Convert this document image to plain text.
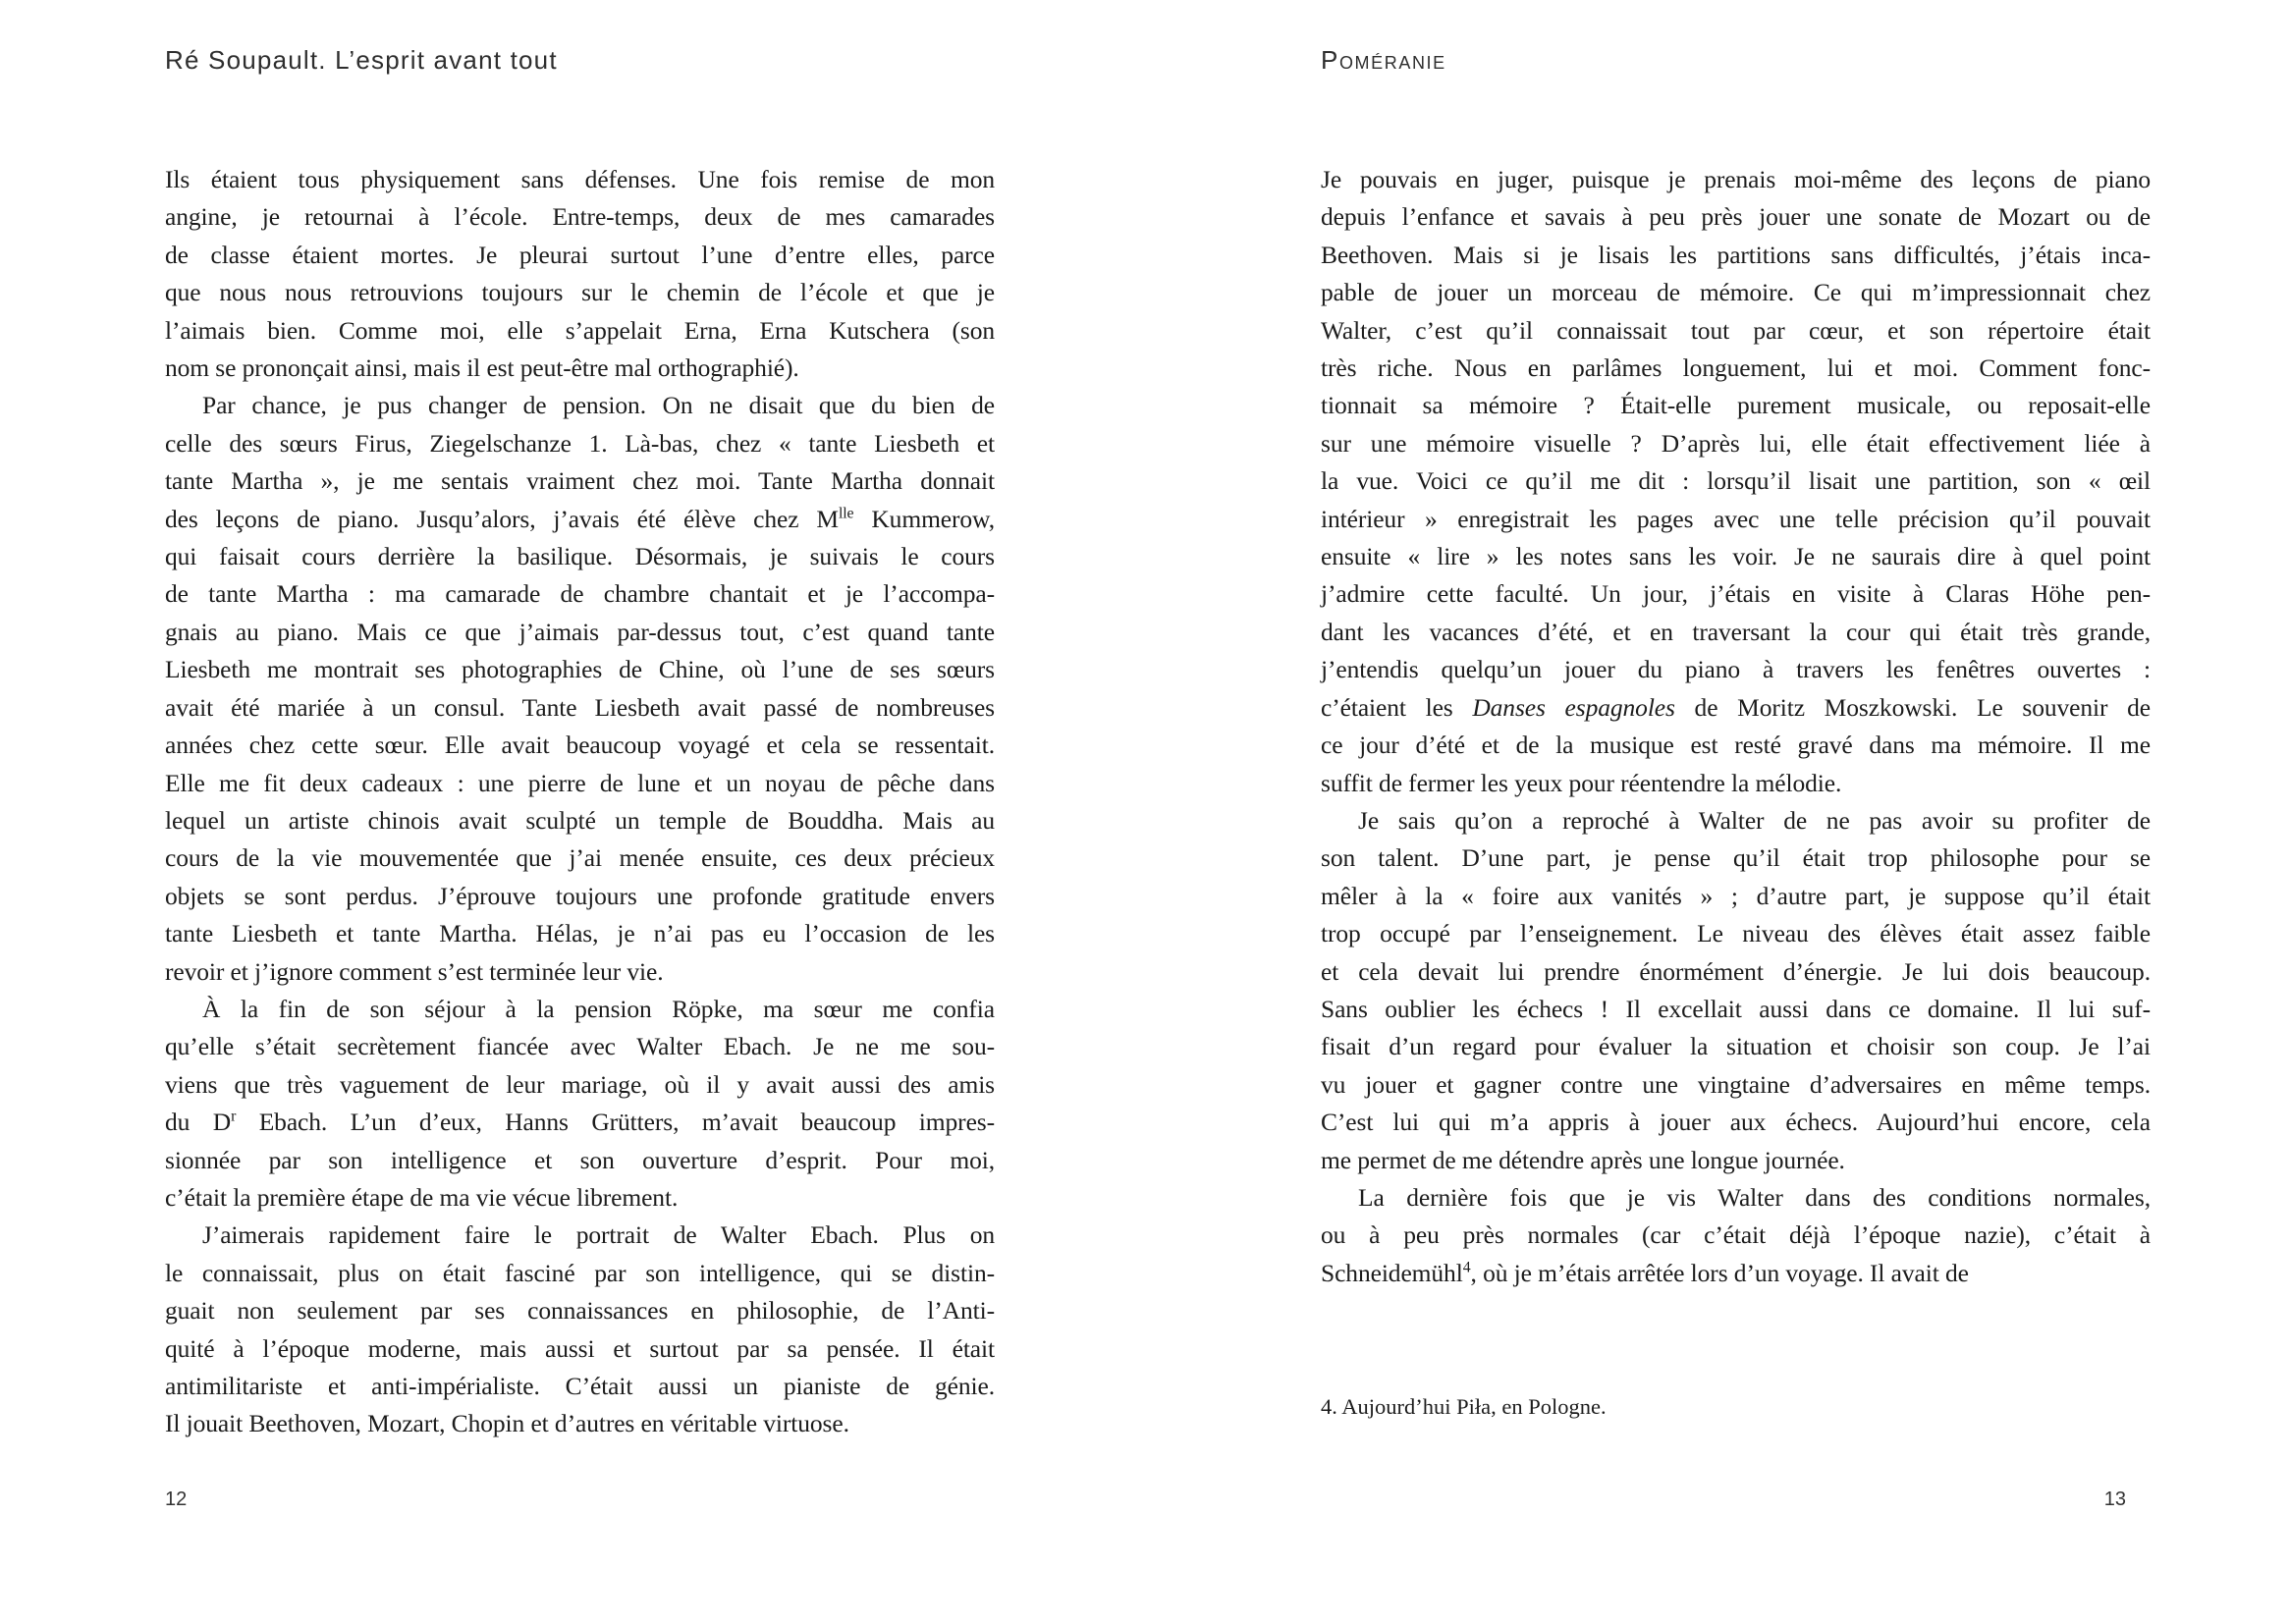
Ré Soupault. L’esprit avant tout	Poméranie
Ils étaient tous physiquement sans défenses. Une fois remise de mon
angine, je retournai à l’école. Entre-temps, deux de mes camarades
de classe étaient mortes. Je pleurai surtout l’une d’entre elles, parce
que nous nous retrouvions toujours sur le chemin de l’école et que je
l’aimais bien. Comme moi, elle s’appelait Erna, Erna Kutschera (son
nom se prononçait ainsi, mais il est peut-être mal orthographié).
Par chance, je pus changer de pension. On ne disait que du bien de
celle des sœurs Firus, Ziegelschanze 1. Là-bas, chez « tante Liesbeth et
tante Martha », je me sentais vraiment chez moi. Tante Martha donnait
des leçons de piano. Jusqu’alors, j’avais été élève chez $M^{lle}$ Kummerow,
qui faisait cours derrière la basilique. Désormais, je suivais le cours
de tante Martha : ma camarade de chambre chantait et je l’accompa-
gnais au piano. Mais ce que j’aimais par-dessus tout, c’est quand tante
Liesbeth me montrait ses photographies de Chine, où l’une de ses sœurs
avait été mariée à un consul. Tante Liesbeth avait passé de nombreuses
années chez cette sœur. Elle avait beaucoup voyagé et cela se ressentait.
Elle me fit deux cadeaux : une pierre de lune et un noyau de pêche dans
lequel un artiste chinois avait sculpté un temple de Bouddha. Mais au
cours de la vie mouvementée que j’ai menée ensuite, ces deux précieux
objets se sont perdus. J’éprouve toujours une profonde gratitude envers
tante Liesbeth et tante Martha. Hélas, je n’ai pas eu l’occasion de les
revoir et j’ignore comment s’est terminée leur vie.
À la fin de son séjour à la pension Röpke, ma sœur me confia
qu’elle s’était secrètement fiancée avec Walter Ebach. Je ne me sou-
viens que très vaguement de leur mariage, où il y avait aussi des amis
du $D^r$ Ebach. L’un d’eux, Hanns Grütters, m’avait beaucoup impres-
sionnée par son intelligence et son ouverture d’esprit. Pour moi,
c’était la première étape de ma vie vécue librement.
J’aimerais rapidement faire le portrait de Walter Ebach. Plus on
le connaissait, plus on était fasciné par son intelligence, qui se distin-
guait non seulement par ses connaissances en philosophie, de l’Anti-
quité à l’époque moderne, mais aussi et surtout par sa pensée. Il était
antimilitariste et anti-impérialiste. C’était aussi un pianiste de génie.
Il jouait Beethoven, Mozart, Chopin et d’autres en véritable virtuose.
Je pouvais en juger, puisque je prenais moi-même des leçons de piano
depuis l’enfance et savais à peu près jouer une sonate de Mozart ou de
Beethoven. Mais si je lisais les partitions sans difficultés, j’étais inca-
pable de jouer un morceau de mémoire. Ce qui m’impressionnait chez
Walter, c’est qu’il connaissait tout par cœur, et son répertoire était
très riche. Nous en parlâmes longuement, lui et moi. Comment fonc-
tionnait sa mémoire ? Était-elle purement musicale, ou reposait-elle
sur une mémoire visuelle ? D’après lui, elle était effectivement liée à
la vue. Voici ce qu’il me dit : lorsqu’il lisait une partition, son « œil
intérieur » enregistrait les pages avec une telle précision qu’il pouvait
ensuite « lire » les notes sans les voir. Je ne saurais dire à quel point
j’admire cette faculté. Un jour, j’étais en visite à Claras Höhe pen-
dant les vacances d’été, et en traversant la cour qui était très grande,
j’entendis quelqu’un jouer du piano à travers les fenêtres ouvertes :
c’étaient les Danses espagnoles de Moritz Moszkowski. Le souvenir de
ce jour d’été et de la musique est resté gravé dans ma mémoire. Il me
suffit de fermer les yeux pour réentendre la mélodie.
Je sais qu’on a reproché à Walter de ne pas avoir su profiter de
son talent. D’une part, je pense qu’il était trop philosophe pour se
mêler à la « foire aux vanités » ; d’autre part, je suppose qu’il était
trop occupé par l’enseignement. Le niveau des élèves était assez faible
et cela devait lui prendre énormément d’énergie. Je lui dois beaucoup.
Sans oublier les échecs ! Il excellait aussi dans ce domaine. Il lui suf-
fisait d’un regard pour évaluer la situation et choisir son coup. Je l’ai
vu jouer et gagner contre une vingtaine d’adversaires en même temps.
C’est lui qui m’a appris à jouer aux échecs. Aujourd’hui encore, cela
me permet de me détendre après une longue journée.
La dernière fois que je vis Walter dans des conditions normales,
ou à peu près normales (car c’était déjà l’époque nazie), c’était à
Schneidemühl$^4$, où je m’étais arrêtée lors d’un voyage. Il avait de
4. Aujourd’hui Piła, en Pologne.
12	13
